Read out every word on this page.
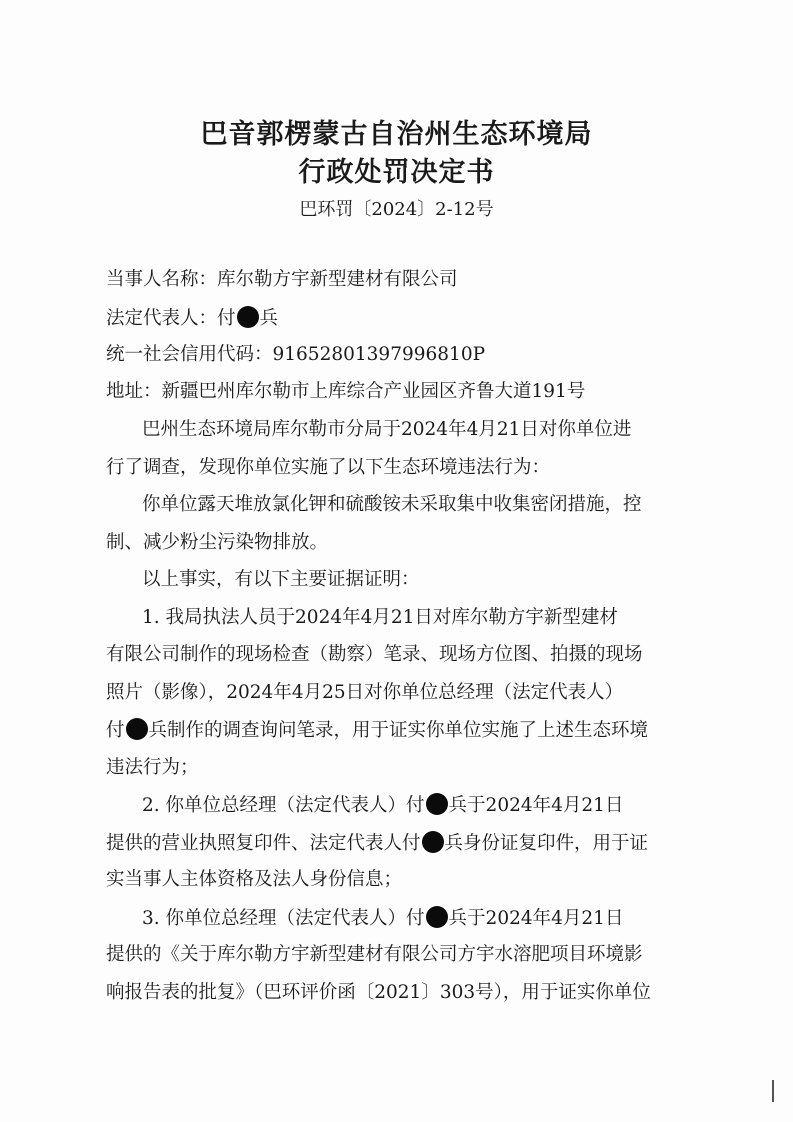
巴音郭楞蒙古自治州生态环境局
行政处罚决定书
巴环罚〔2024〕2-12号
当事人名称：库尔勒方宇新型建材有限公司
法定代表人：付 兵
统一社会信用代码：91652801397996810P
地址：新疆巴州库尔勒市上库综合产业园区齐鲁大道191号
巴州生态环境局库尔勒市分局于2024年4月21日对你单位进
行了调查，发现你单位实施了以下生态环境违法行为：
你单位露天堆放氯化钾和硫酸铵未采取集中收集密闭措施，控
制、减少粉尘污染物排放。
以上事实，有以下主要证据证明：
1. 我局执法人员于2024年4月21日对库尔勒方宇新型建材
有限公司制作的现场检查（勘察）笔录、现场方位图、拍摄的现场
照片（影像），2024年4月25日对你单位总经理（法定代表人）
付 兵制作的调查询问笔录，用于证实你单位实施了上述生态环境
违法行为；
2. 你单位总经理（法定代表人）付 兵于2024年4月21日
提供的营业执照复印件、法定代表人付 兵身份证复印件，用于证
实当事人主体资格及法人身份信息；
3. 你单位总经理（法定代表人）付 兵于2024年4月21日
提供的《关于库尔勒方宇新型建材有限公司方宇水溶肥项目环境影
响报告表的批复》（巴环评价函〔2021〕303号），用于证实你单位
